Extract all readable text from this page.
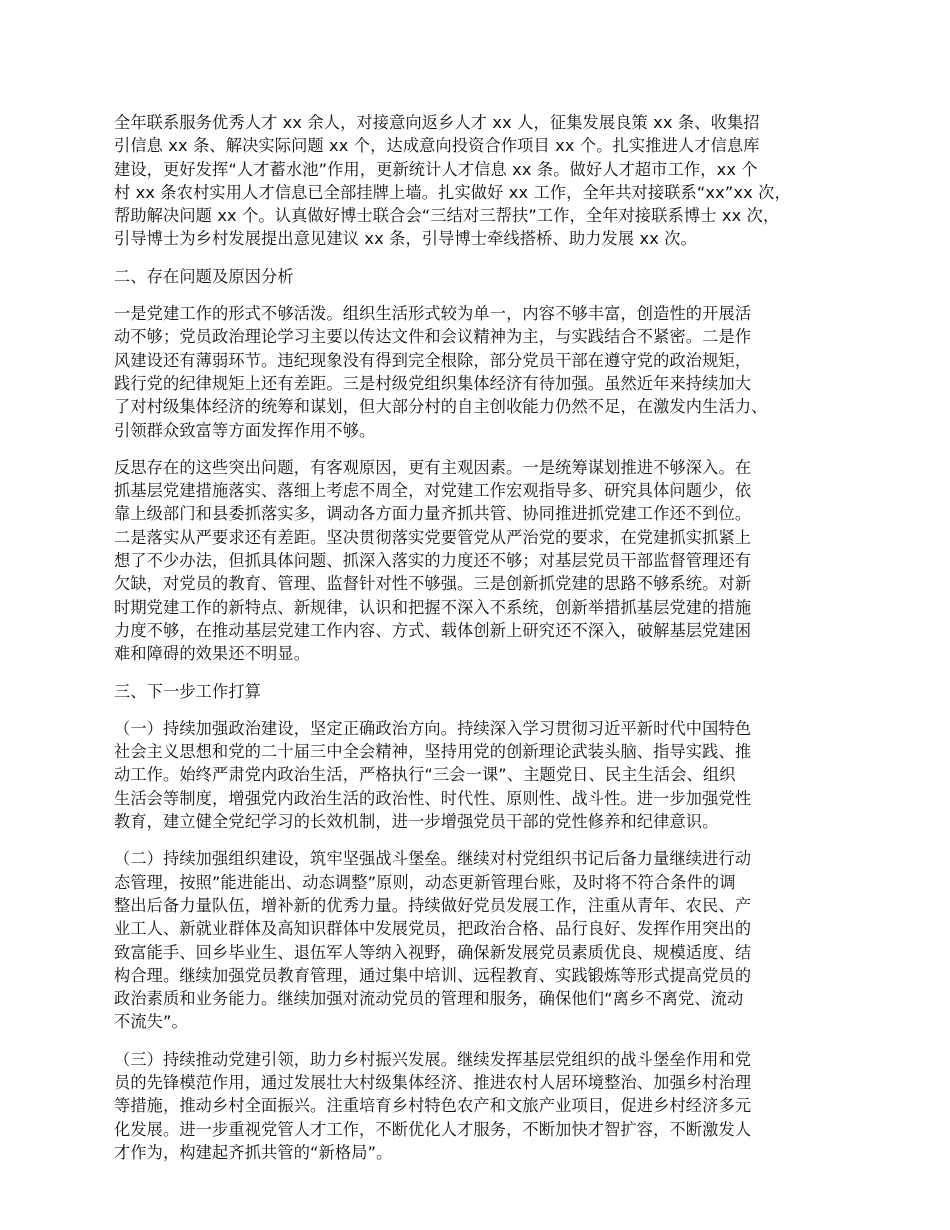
全年联系服务优秀人才 xx 余人，对接意向返乡人才 xx 人，征集发展良策 xx 条、收集招
引信息 xx 条、解决实际问题 xx 个，达成意向投资合作项目 xx 个。扎实推进人才信息库
建设，更好发挥“人才蓄水池”作用，更新统计人才信息 xx 条。做好人才超市工作，xx 个
村 xx 条农村实用人才信息已全部挂牌上墙。扎实做好 xx 工作，全年共对接联系“xx”xx 次，
帮助解决问题 xx 个。认真做好博士联合会“三结对三帮扶”工作，全年对接联系博士 xx 次，
引导博士为乡村发展提出意见建议 xx 条，引导博士牵线搭桥、助力发展 xx 次。
二、存在问题及原因分析
一是党建工作的形式不够活泼。组织生活形式较为单一，内容不够丰富，创造性的开展活
动不够；党员政治理论学习主要以传达文件和会议精神为主，与实践结合不紧密。二是作
风建设还有薄弱环节。违纪现象没有得到完全根除，部分党员干部在遵守党的政治规矩，
践行党的纪律规矩上还有差距。三是村级党组织集体经济有待加强。虽然近年来持续加大
了对村级集体经济的统筹和谋划，但大部分村的自主创收能力仍然不足，在激发内生活力、
引领群众致富等方面发挥作用不够。
反思存在的这些突出问题，有客观原因，更有主观因素。一是统筹谋划推进不够深入。在
抓基层党建措施落实、落细上考虑不周全，对党建工作宏观指导多、研究具体问题少，依
靠上级部门和县委抓落实多，调动各方面力量齐抓共管、协同推进抓党建工作还不到位。
二是落实从严要求还有差距。坚决贯彻落实党要管党从严治党的要求，在党建抓实抓紧上
想了不少办法，但抓具体问题、抓深入落实的力度还不够；对基层党员干部监督管理还有
欠缺，对党员的教育、管理、监督针对性不够强。三是创新抓党建的思路不够系统。对新
时期党建工作的新特点、新规律，认识和把握不深入不系统，创新举措抓基层党建的措施
力度不够，在推动基层党建工作内容、方式、载体创新上研究还不深入，破解基层党建困
难和障碍的效果还不明显。
三、下一步工作打算
（一）持续加强政治建设，坚定正确政治方向。持续深入学习贯彻习近平新时代中国特色
社会主义思想和党的二十届三中全会精神，坚持用党的创新理论武装头脑、指导实践、推
动工作。始终严肃党内政治生活，严格执行“三会一课”、主题党日、民主生活会、组织
生活会等制度，增强党内政治生活的政治性、时代性、原则性、战斗性。进一步加强党性
教育，建立健全党纪学习的长效机制，进一步增强党员干部的党性修养和纪律意识。
（二）持续加强组织建设，筑牢坚强战斗堡垒。继续对村党组织书记后备力量继续进行动
态管理，按照”能进能出、动态调整”原则，动态更新管理台账，及时将不符合条件的调
整出后备力量队伍，增补新的优秀力量。持续做好党员发展工作，注重从青年、农民、产
业工人、新就业群体及高知识群体中发展党员，把政治合格、品行良好、发挥作用突出的
致富能手、回乡毕业生、退伍军人等纳入视野，确保新发展党员素质优良、规模适度、结
构合理。继续加强党员教育管理，通过集中培训、远程教育、实践锻炼等形式提高党员的
政治素质和业务能力。继续加强对流动党员的管理和服务，确保他们“离乡不离党、流动
不流失”。
（三）持续推动党建引领，助力乡村振兴发展。继续发挥基层党组织的战斗堡垒作用和党
员的先锋模范作用，通过发展壮大村级集体经济、推进农村人居环境整治、加强乡村治理
等措施，推动乡村全面振兴。注重培育乡村特色农产和文旅产业项目，促进乡村经济多元
化发展。进一步重视党管人才工作，不断优化人才服务，不断加快才智扩容，不断激发人
才作为，构建起齐抓共管的“新格局”。
